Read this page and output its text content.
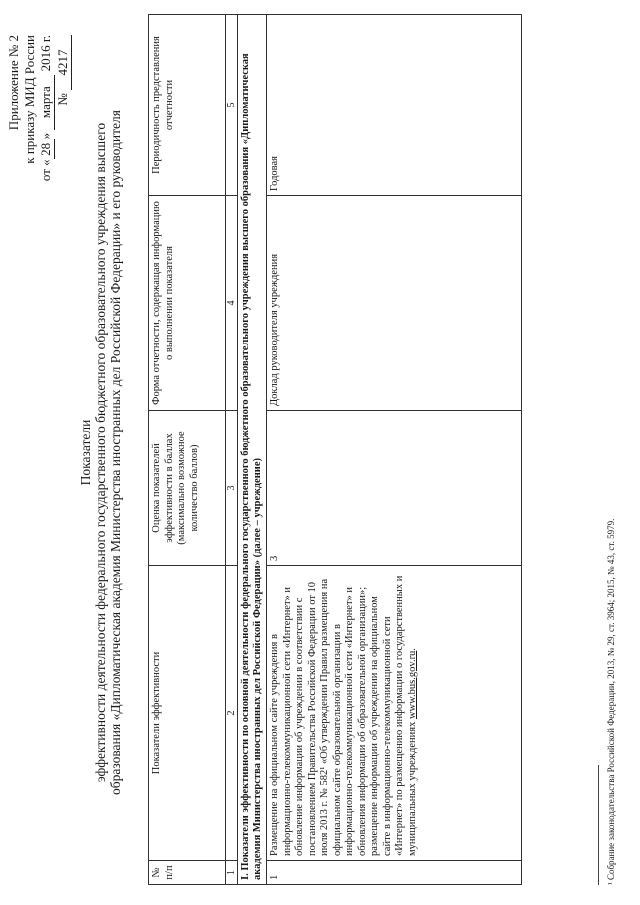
Приложение № 2 к приказу МИД России
от «28» марта 2016 г.
№ 4217
Показатели эффективности деятельности федерального государственного бюджетного образовательного учреждения высшего образования «Дипломатическая академия Министерства иностранных дел Российской Федерации» и его руководителя
№ п/п	Показатели эффективности	Оценка показателей эффективности в баллах (максимально возможное количество баллов)	Форма отчетности, содержащая информацию о выполнении показателя	Периодичность представления отчетности
1	2	3	4	5
I. Показатели эффективности по основной деятельности федерального государственного бюджетного образовательного учреждения высшего образования «Дипломатическая академия Министерства иностранных дел Российской Федерации» (далее – учреждение)				
1	Размещение на официальном сайте учреждения в информационно-телекоммуникационной сети «Интернет» и обновление информации об учреждении в соответствии с постановлением Правительства Российской Федерации от 10 июля 2013 г. № 582¹ «Об утверждении Правил размещения на официальном сайте образовательной организации в информационно-телекоммуникационной сети «Интернет» и обновления информации об образовательной организации»; размещение информации об учреждении на официальном сайте в информационно-телекоммуникационной сети «Интернет» по размещению информации о государственных и муниципальных учреждениях www.bus.gov.ru.	3	Доклад руководителя учреждения	Годовая
¹ Собрание законодательства Российской Федерации, 2013, № 29, ст. 3964; 2015, № 43, ст. 5979.
